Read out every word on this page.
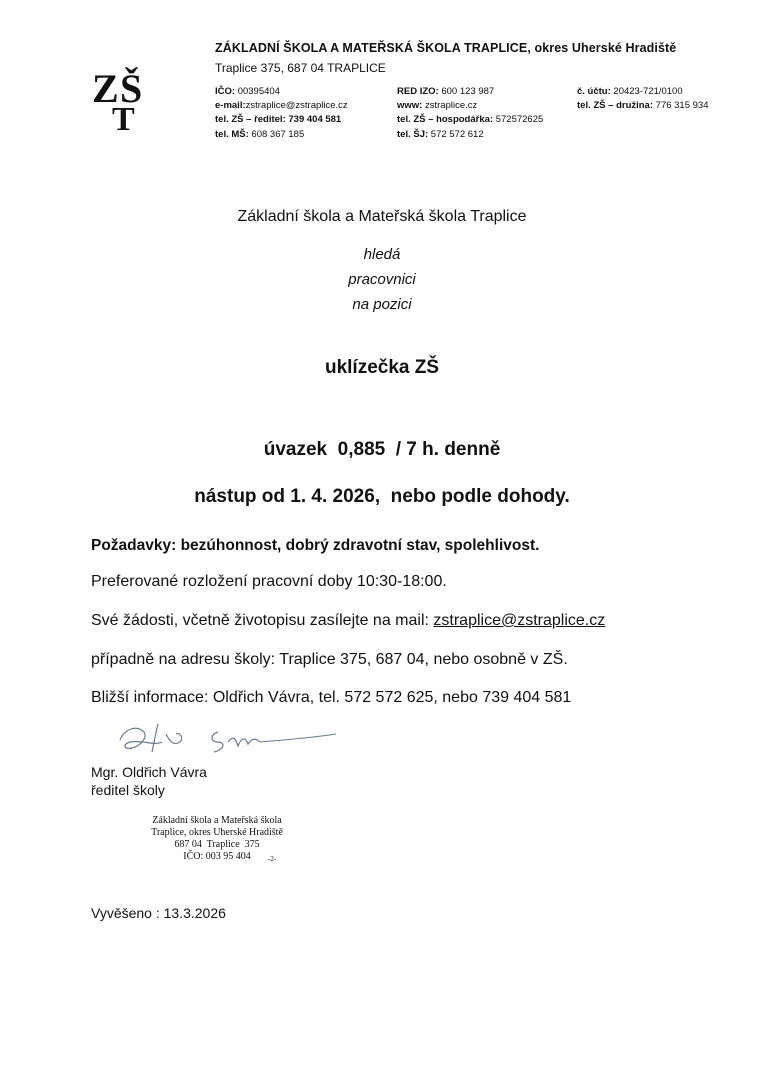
Z Š
T
ZÁKLADNÍ ŠKOLA A MATEŘSKÁ ŠKOLA TRAPLICE, okres Uherské Hradiště
Traplice 375, 687 04 TRAPLICE
IČO: 00395404
e-mail:zstraplice@zstraplice.cz
tel. ZŠ – ředitel: 739 404 581
tel. MŠ: 608 367 185
RED IZO: 600 123 987
www: zstraplice.cz
tel. ZŠ – hospodářka: 572572625
tel. ŠJ: 572 572 612
č. účtu: 20423-721/0100
tel. ZŠ – družina: 776 315 934
Základní škola a Mateřská škola Traplice
hledá
pracovnici
na pozici
uklízečka ZŠ
úvazek  0,885  / 7 h. denně
nástup od 1. 4. 2026,  nebo podle dohody.
Požadavky: bezúhonnost, dobrý zdravotní stav, spolehlivost.
Preferované rozložení pracovní doby 10:30-18:00.
Své žádosti, včetně životopisu zasílejte na mail: zstraplice@zstraplice.cz
případně na adresu školy: Traplice 375, 687 04, nebo osobně v ZŠ.
Bližší informace: Oldřich Vávra, tel. 572 572 625, nebo 739 404 581
Mgr. Oldřich Vávra
ředitel školy
Základní škola a Mateřská škola
Traplice, okres Uherské Hradiště
687 04  Traplice  375
IČO: 003 95 404	-2-
Vyvěšeno : 13.3.2026
